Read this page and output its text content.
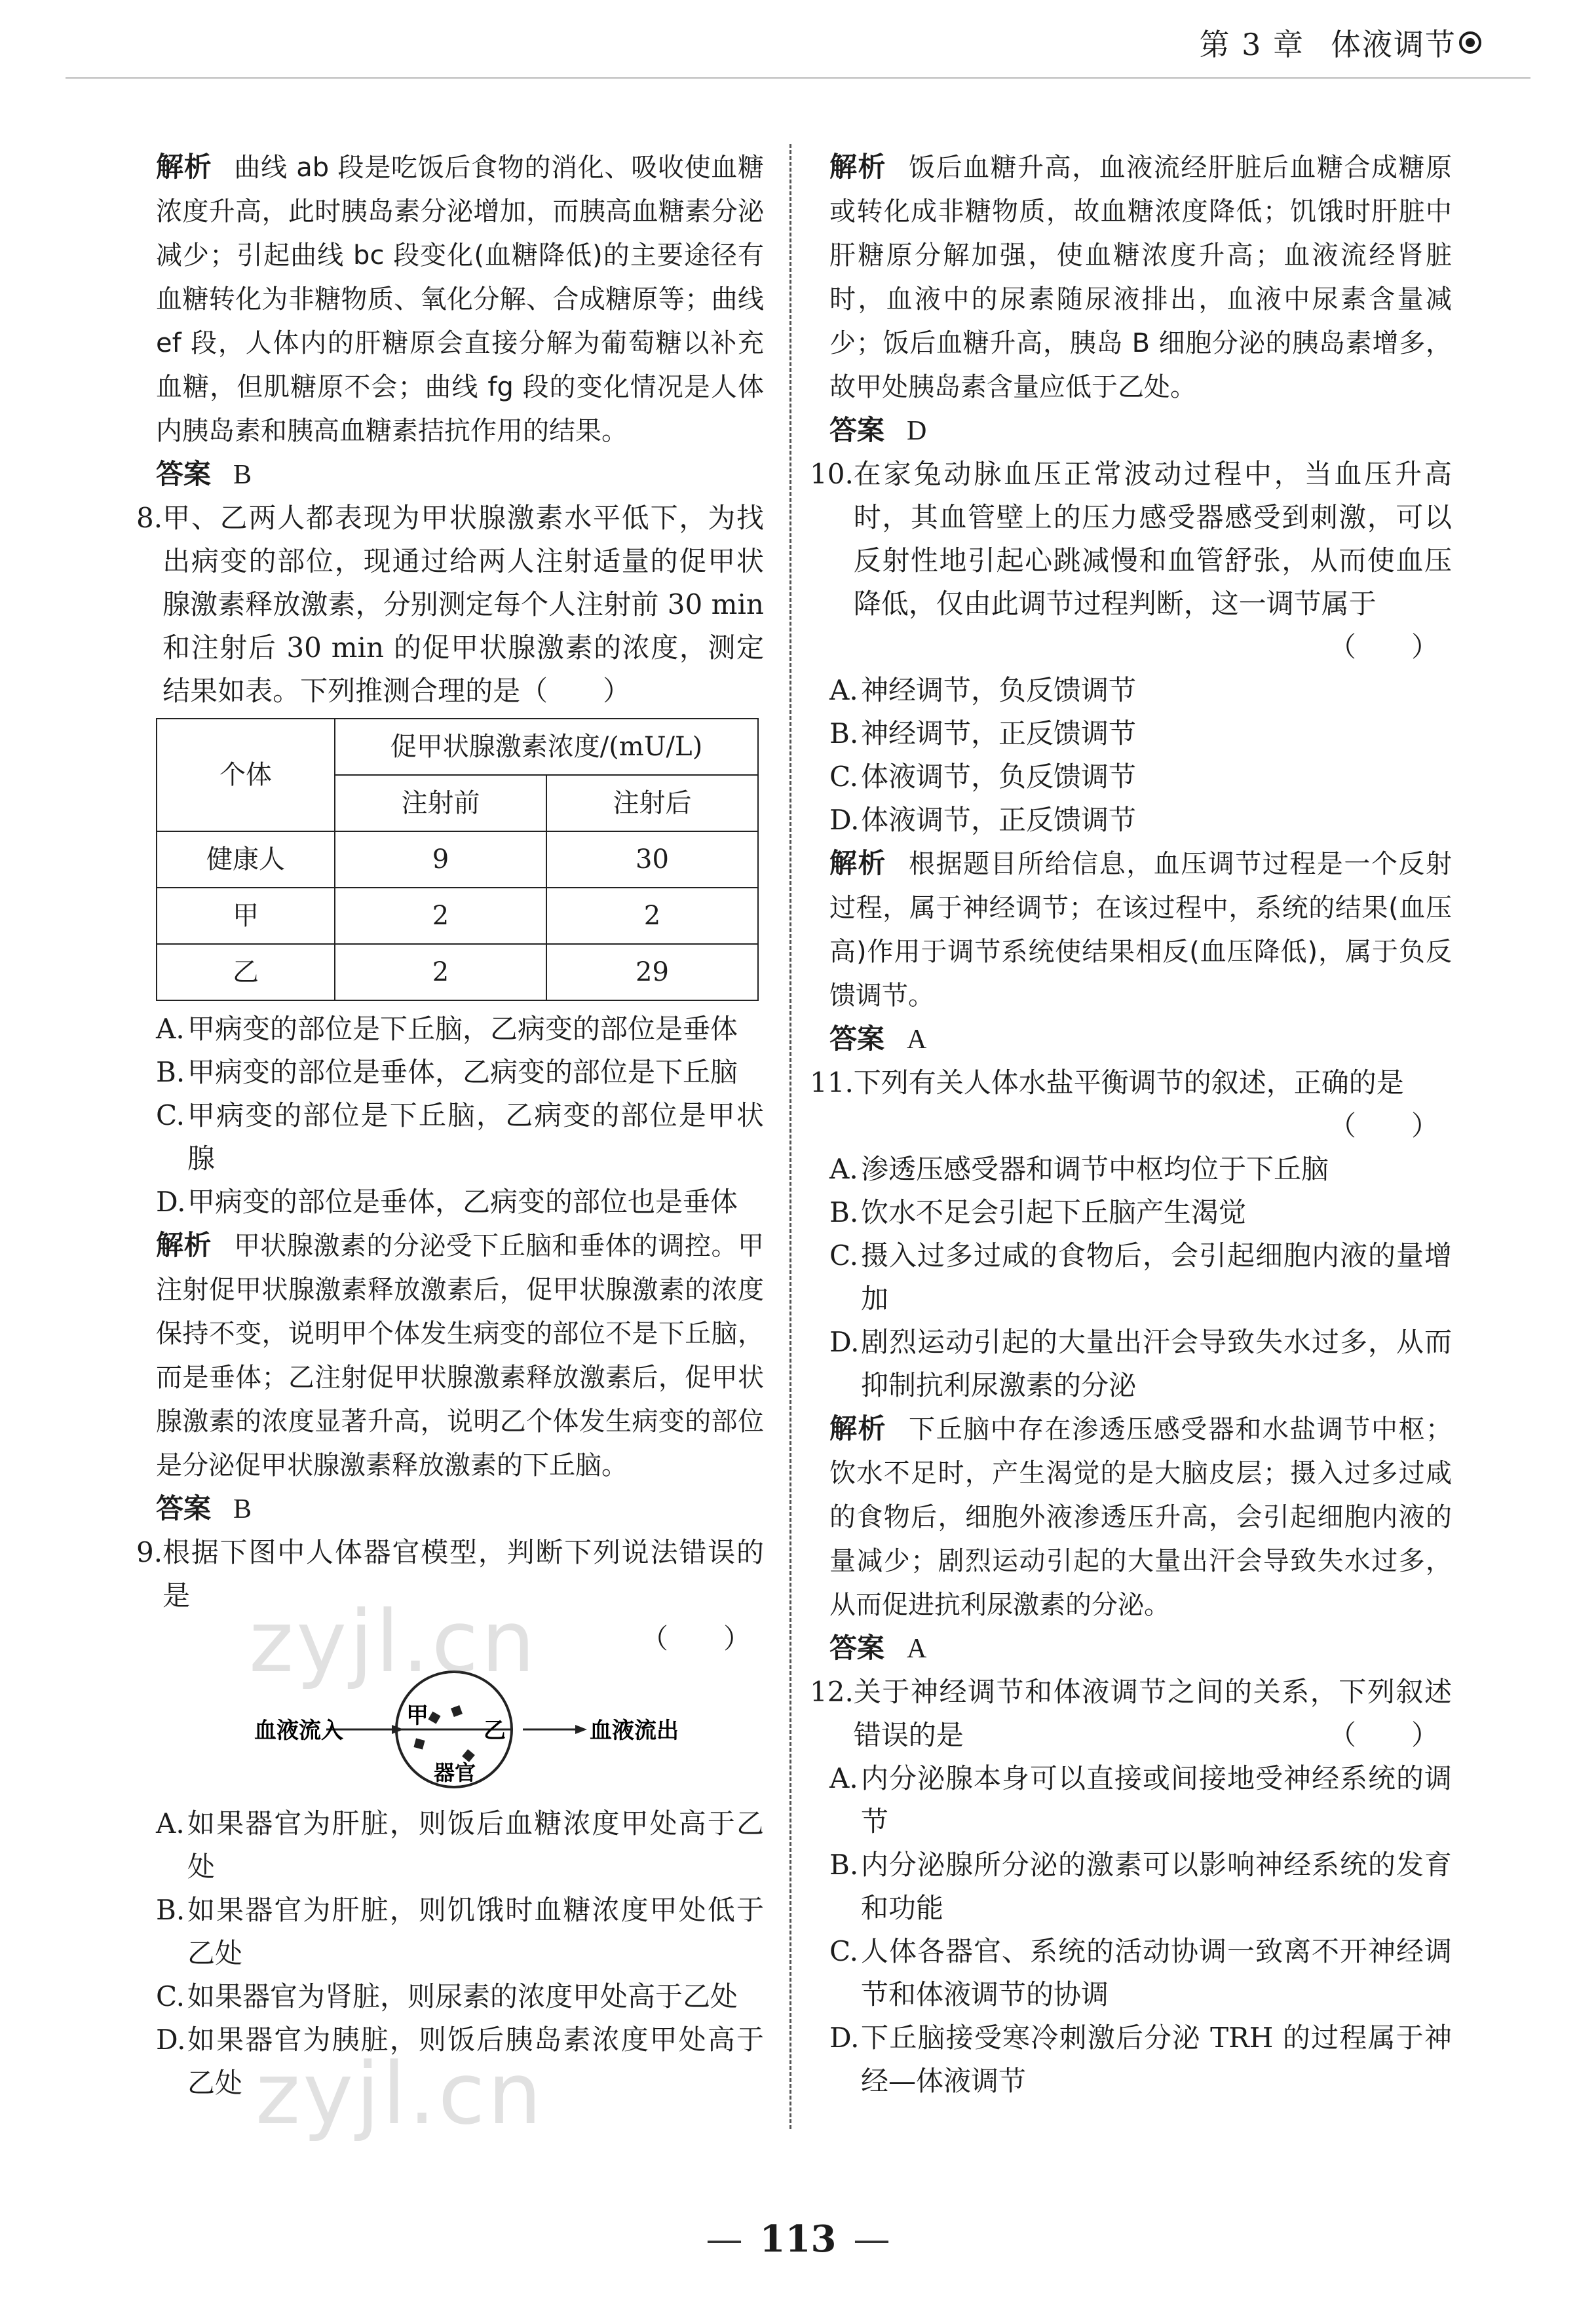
第 3 章 体液调节

解析 曲线 ab 段是吃饭后食物的消化、吸收使血糖浓度升高，此时胰岛素分泌增加，而胰高血糖素分泌减少；引起曲线 bc 段变化(血糖降低)的主要途径有血糖转化为非糖物质、氧化分解、合成糖原等；曲线 ef 段，人体内的肝糖原会直接分解为葡萄糖以补充血糖，但肌糖原不会；曲线 fg 段的变化情况是人体内胰岛素和胰高血糖素拮抗作用的结果。

答案 B

8. 甲、乙两人都表现为甲状腺激素水平低下，为找出病变的部位，现通过给两人注射适量的促甲状腺激素释放激素，分别测定每个人注射前 30 min 和注射后 30 min 的促甲状腺激素的浓度，测定结果如表。下列推测合理的是（　　）
个体	促甲状腺激素浓度/(mU/L)	
	注射前	注射后
健康人	9	30
甲	2	2
乙	2	29
A. 甲病变的部位是下丘脑，乙病变的部位是垂体
B. 甲病变的部位是垂体，乙病变的部位是下丘脑
C. 甲病变的部位是下丘脑，乙病变的部位是甲状腺
D. 甲病变的部位是垂体，乙病变的部位也是垂体

解析 甲状腺激素的分泌受下丘脑和垂体的调控。甲注射促甲状腺激素释放激素后，促甲状腺激素的浓度保持不变，说明甲个体发生病变的部位不是下丘脑，而是垂体；乙注射促甲状腺激素释放激素后，促甲状腺激素的浓度显著升高，说明乙个体发生病变的部位是分泌促甲状腺激素释放激素的下丘脑。

答案 B

9. 根据下图中人体器官模型，判断下列说法错误的是

（　　）

血液流入
甲
乙	血液流出
器官
A. 如果器官为肝脏，则饭后血糖浓度甲处高于乙处
B. 如果器官为肝脏，则饥饿时血糖浓度甲处低于乙处
C. 如果器官为肾脏，则尿素的浓度甲处高于乙处
D. 如果器官为胰脏，则饭后胰岛素浓度甲处高于乙处

解析 饭后血糖升高，血液流经肝脏后血糖合成糖原或转化成非糖物质，故血糖浓度降低；饥饿时肝脏中肝糖原分解加强，使血糖浓度升高；血液流经肾脏时，血液中的尿素随尿液排出，血液中尿素含量减少；饭后血糖升高，胰岛 B 细胞分泌的胰岛素增多，故甲处胰岛素含量应低于乙处。

答案 D

10. 在家兔动脉血压正常波动过程中，当血压升高时，其血管壁上的压力感受器感受到刺激，可以反射性地引起心跳减慢和血管舒张，从而使血压降低，仅由此调节过程判断，这一调节属于

（　　）

A. 神经调节，负反馈调节
B. 神经调节，正反馈调节
C. 体液调节，负反馈调节
D. 体液调节，正反馈调节

解析 根据题目所给信息，血压调节过程是一个反射过程，属于神经调节；在该过程中，系统的结果(血压高)作用于调节系统使结果相反(血压降低)，属于负反馈调节。

答案 A

11. 下列有关人体水盐平衡调节的叙述，正确的是

（　　）

A. 渗透压感受器和调节中枢均位于下丘脑
B. 饮水不足会引起下丘脑产生渴觉
C. 摄入过多过咸的食物后，会引起细胞内液的量增加
D. 剧烈运动引起的大量出汗会导致失水过多，从而抑制抗利尿激素的分泌

解析 下丘脑中存在渗透压感受器和水盐调节中枢；饮水不足时，产生渴觉的是大脑皮层；摄入过多过咸的食物后，细胞外液渗透压升高，会引起细胞内液的量减少；剧烈运动引起的大量出汗会导致失水过多，从而促进抗利尿激素的分泌。

答案 A

12. 关于神经调节和体液调节之间的关系，下列叙述错误的是	（　　）

A. 内分泌腺本身可以直接或间接地受神经系统的调节
B. 内分泌腺所分泌的激素可以影响神经系统的发育和功能
C. 人体各器官、系统的活动协调一致离不开神经调节和体液调节的协调
D. 下丘脑接受寒冷刺激后分泌 TRH 的过程属于神经—体液调节
zyjl.cn
zyjl.cn
— 113 —
